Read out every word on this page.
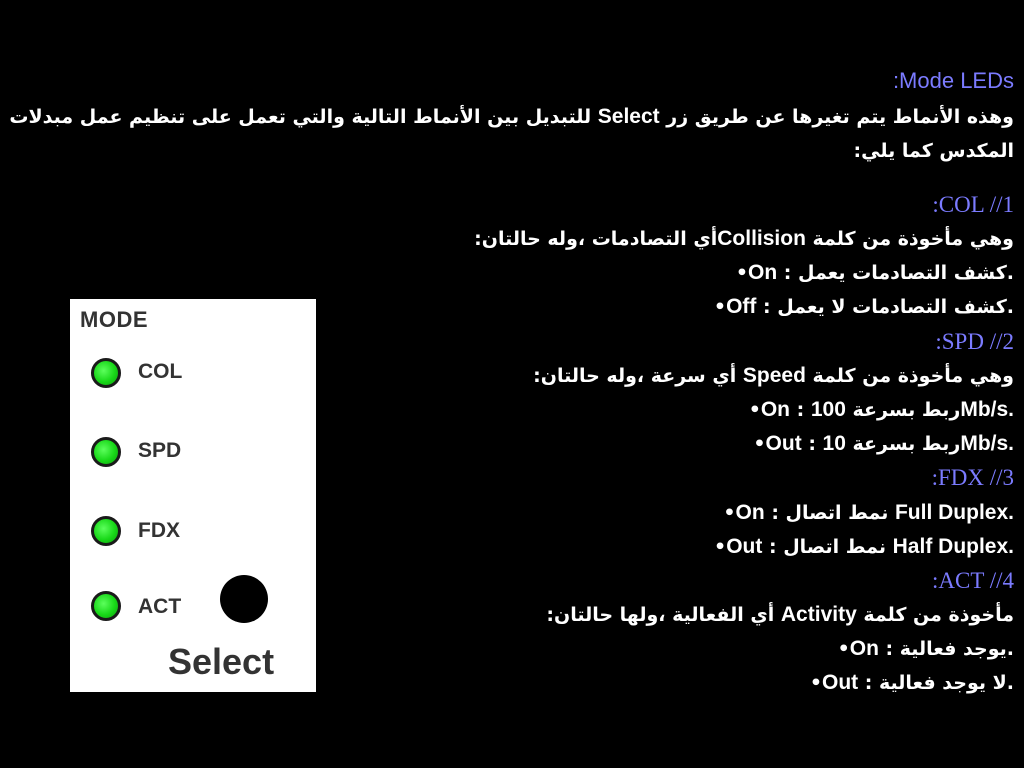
:Mode LEDs
وهذه الأنماط يتم تغيرها عن طريق زر Select للتبديل بين الأنماط التالية والتي تعمل على تنظيم عمل مبدلات
المكدس كما يلي:
:COL //1
وهي مأخوذة من كلمة Collisionأي التصادمات ،وله حالتان:
•On : كشف التصادمات يعمل.
•Off : كشف التصادمات لا يعمل.
:SPD //2
وهي مأخوذة من كلمة Speed أي سرعة ،وله حالتان:
•On : ربط بسرعة 100Mb/s.
•Out : ربط بسرعة 10Mb/s.
:FDX //3
•On : نمط اتصال Full Duplex.
•Out : نمط اتصال Half Duplex.
:ACT //4
مأخوذة من كلمة Activity أي الفعالية ،ولها حالتان:
•On : يوجد فعالية.
•Out : لا يوجد فعالية.
MODE
COL
SPD
FDX
ACT
Select
